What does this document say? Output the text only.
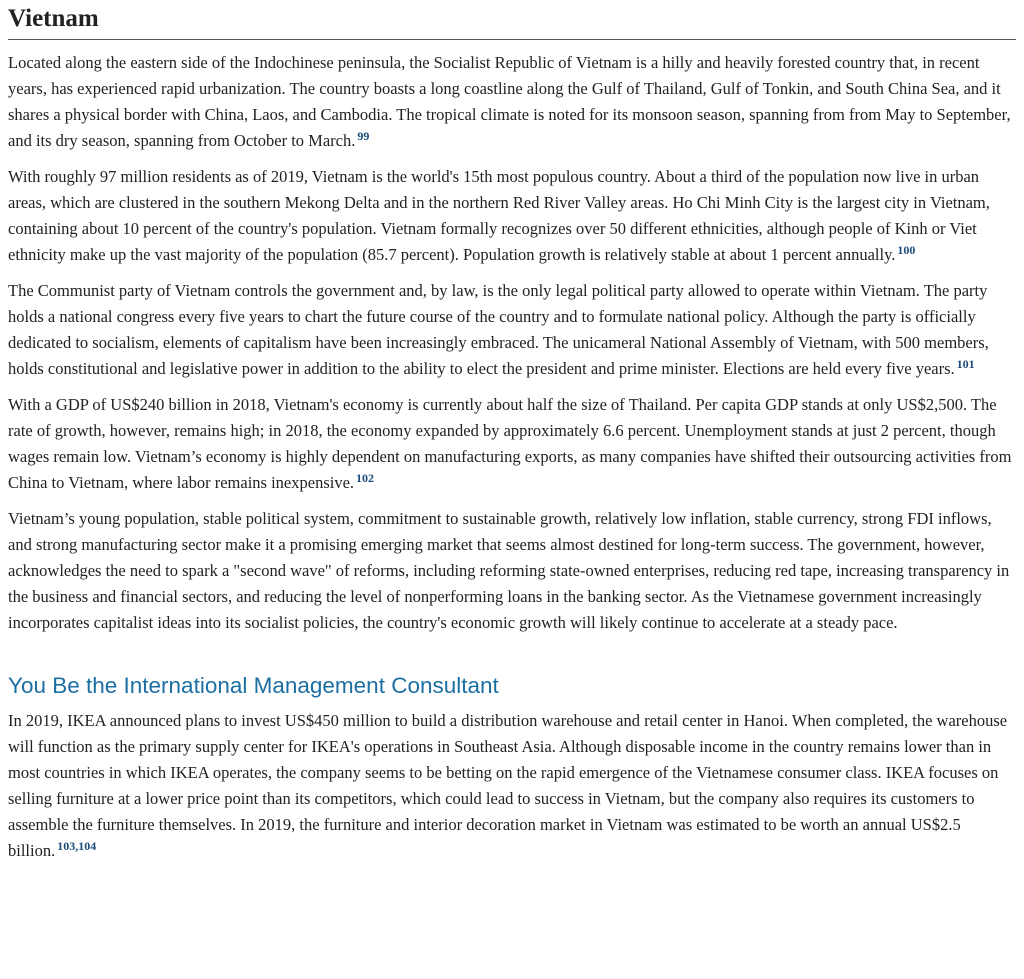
Vietnam

Located along the eastern side of the Indochinese peninsula, the Socialist Republic of Vietnam is a hilly and heavily forested country that, in recent years, has experienced rapid urbanization. The country boasts a long coastline along the Gulf of Thailand, Gulf of Tonkin, and South China Sea, and it shares a physical border with China, Laos, and Cambodia. The tropical climate is noted for its monsoon season, spanning from from May to September, and its dry season, spanning from October to March. $^{99}$

With roughly 97 million residents as of 2019, Vietnam is the world's 15th most populous country. About a third of the population now live in urban areas, which are clustered in the southern Mekong Delta and in the northern Red River Valley areas. Ho Chi Minh City is the largest city in Vietnam, containing about 10 percent of the country's population. Vietnam formally recognizes over 50 different ethnicities, although people of Kinh or Viet ethnicity make up the vast majority of the population (85.7 percent). Population growth is relatively stable at about 1 percent annually. $^{100}$

The Communist party of Vietnam controls the government and, by law, is the only legal political party allowed to operate within Vietnam. The party holds a national congress every five years to chart the future course of the country and to formulate national policy. Although the party is officially dedicated to socialism, elements of capitalism have been increasingly embraced. The unicameral National Assembly of Vietnam, with 500 members, holds constitutional and legislative power in addition to the ability to elect the president and prime minister. Elections are held every five years. $^{101}$

With a GDP of US$240 billion in 2018, Vietnam's economy is currently about half the size of Thailand. Per capita GDP stands at only US$2,500. The rate of growth, however, remains high; in 2018, the economy expanded by approximately 6.6 percent. Unemployment stands at just 2 percent, though wages remain low. Vietnam’s economy is highly dependent on manufacturing exports, as many companies have shifted their outsourcing activities from China to Vietnam, where labor remains inexpensive. $^{102}$

Vietnam’s young population, stable political system, commitment to sustainable growth, relatively low inflation, stable currency, strong FDI inflows, and strong manufacturing sector make it a promising emerging market that seems almost destined for long-term success. The government, however, acknowledges the need to spark a "second wave" of reforms, including reforming state-owned enterprises, reducing red tape, increasing transparency in the business and financial sectors, and reducing the level of nonperforming loans in the banking sector. As the Vietnamese government increasingly incorporates capitalist ideas into its socialist policies, the country's economic growth will likely continue to accelerate at a steady pace.

You Be the International Management Consultant

In 2019, IKEA announced plans to invest US$450 million to build a distribution warehouse and retail center in Hanoi. When completed, the warehouse will function as the primary supply center for IKEA's operations in Southeast Asia. Although disposable income in the country remains lower than in most countries in which IKEA operates, the company seems to be betting on the rapid emergence of the Vietnamese consumer class. IKEA focuses on selling furniture at a lower price point than its competitors, which could lead to success in Vietnam, but the company also requires its customers to assemble the furniture themselves. In 2019, the furniture and interior decoration market in Vietnam was estimated to be worth an annual US$2.5 billion. $^{103,104}$
